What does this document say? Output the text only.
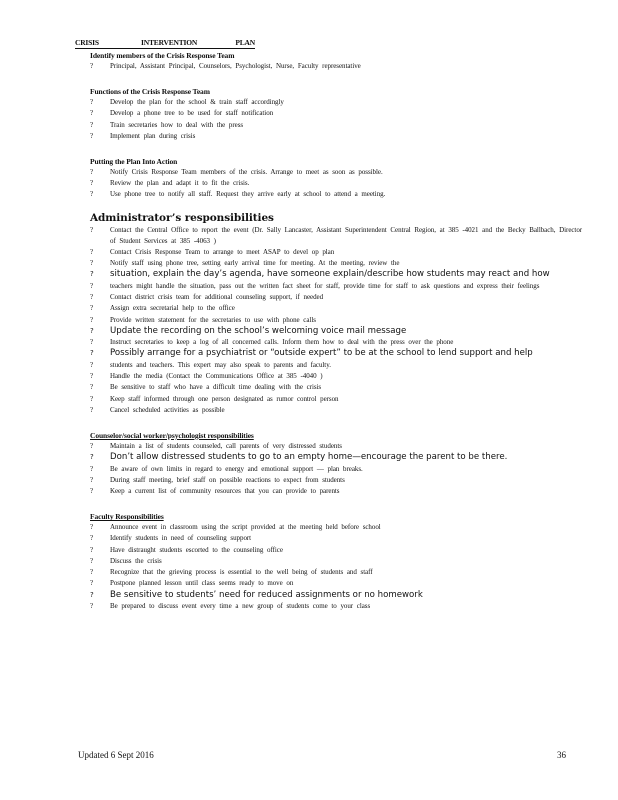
CRISIS	INTERVENTION	PLAN

Identify members of the Crisis Response Team

? Principal, Assistant Principal, Counselors, Psychologist, Nurse, Faculty representative

Functions of the Crisis Response Team

? Develop the plan for the school & train staff accordingly
? Develop a phone tree to be used for staff notification
? Train secretaries how to deal with the press
? Implement plan during crisis

Putting the Plan Into Action

? Notify Crisis Response Team members of the crisis. Arrange to meet as soon as possible.
? Review the plan and adapt it to fit the crisis.
? Use phone tree to notify all staff. Request they arrive early at school to attend a meeting.

Administrator’s responsibilities

? Contact the Central Office to report the event (Dr. Sally Lancaster, Assistant Superintendent Central Region, at 385 -4021 and the Becky Ballbach, Director of Student Services at 385 -4063 )
? Contact Crisis Response Team to arrange to meet ASAP to devel op plan
? Notify staff using phone tree, setting early arrival time for meeting. At the meeting, review the
? situation, explain the day’s agenda, have someone explain/describe how students may react and how
? teachers might handle the situation, pass out the written fact sheet for staff, provide time for staff to ask questions and express their feelings
? Contact district crisis team for additional counseling support, if needed
? Assign extra secretarial help to the office
? Provide written statement for the secretaries to use with phone calls
? Update the recording on the school’s welcoming voice mail message
? Instruct secretaries to keep a log of all concerned calls. Inform them how to deal with the press over the phone
? Possibly arrange for a psychiatrist or “outside expert” to be at the school to lend support and help
? students and teachers. This expert may also speak to parents and faculty.
? Handle the media (Contact the Communications Office at 385 -4040 )
? Be sensitive to staff who have a difficult time dealing with the crisis
? Keep staff informed through one person designated as rumor control person
? Cancel scheduled activities as possible

Counselor/social worker/psychologist responsibilities

? Maintain a list of students counseled, call parents of very distressed students
? Don’t allow distressed students to go to an empty home—encourage the parent to be there.
? Be aware of own limits in regard to energy and emotional support — plan breaks.
? During staff meeting, brief staff on possible reactions to expect from students
? Keep a current list of community resources that you can provide to parents

Faculty Responsibilities

? Announce event in classroom using the script provided at the meeting held before school
? Identify students in need of counseling support
? Have distraught students escorted to the counseling office
? Discuss the crisis
? Recognize that the grieving process is essential to the well being of students and staff
? Postpone planned lesson until class seems ready to move on
? Be sensitive to students’ need for reduced assignments or no homework
? Be prepared to discuss event every time a new group of students come to your class
Updated 6 Sept 2016	36
